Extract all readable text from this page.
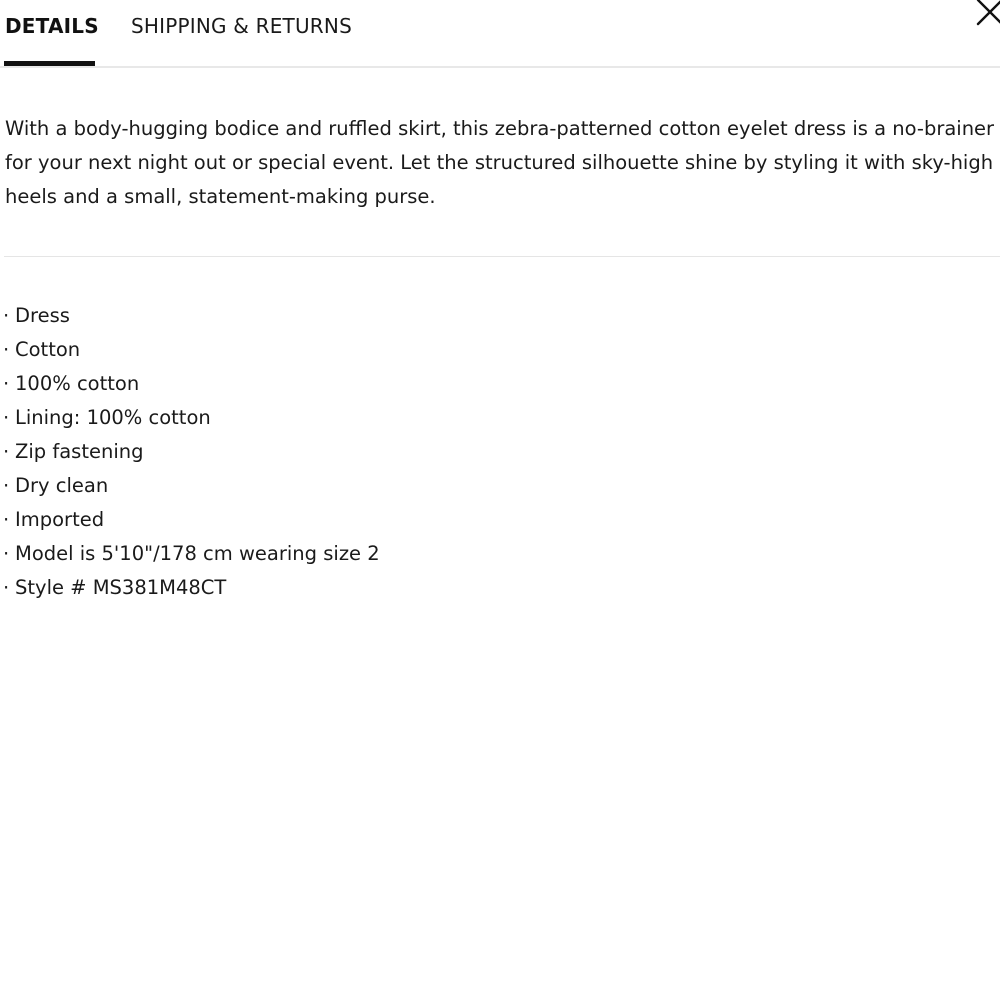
DETAILS SHIPPING & RETURNS

With a body-hugging bodice and ruffled skirt, this zebra-patterned cotton eyelet dress is a no-brainer for your next night out or special event. Let the structured silhouette shine by styling it with sky-high heels and a small, statement-making purse.

· Dress
· Cotton
· 100% cotton
· Lining: 100% cotton
· Zip fastening
· Dry clean
· Imported
· Model is 5'10"/178 cm wearing size 2
· Style # MS381M48CT
